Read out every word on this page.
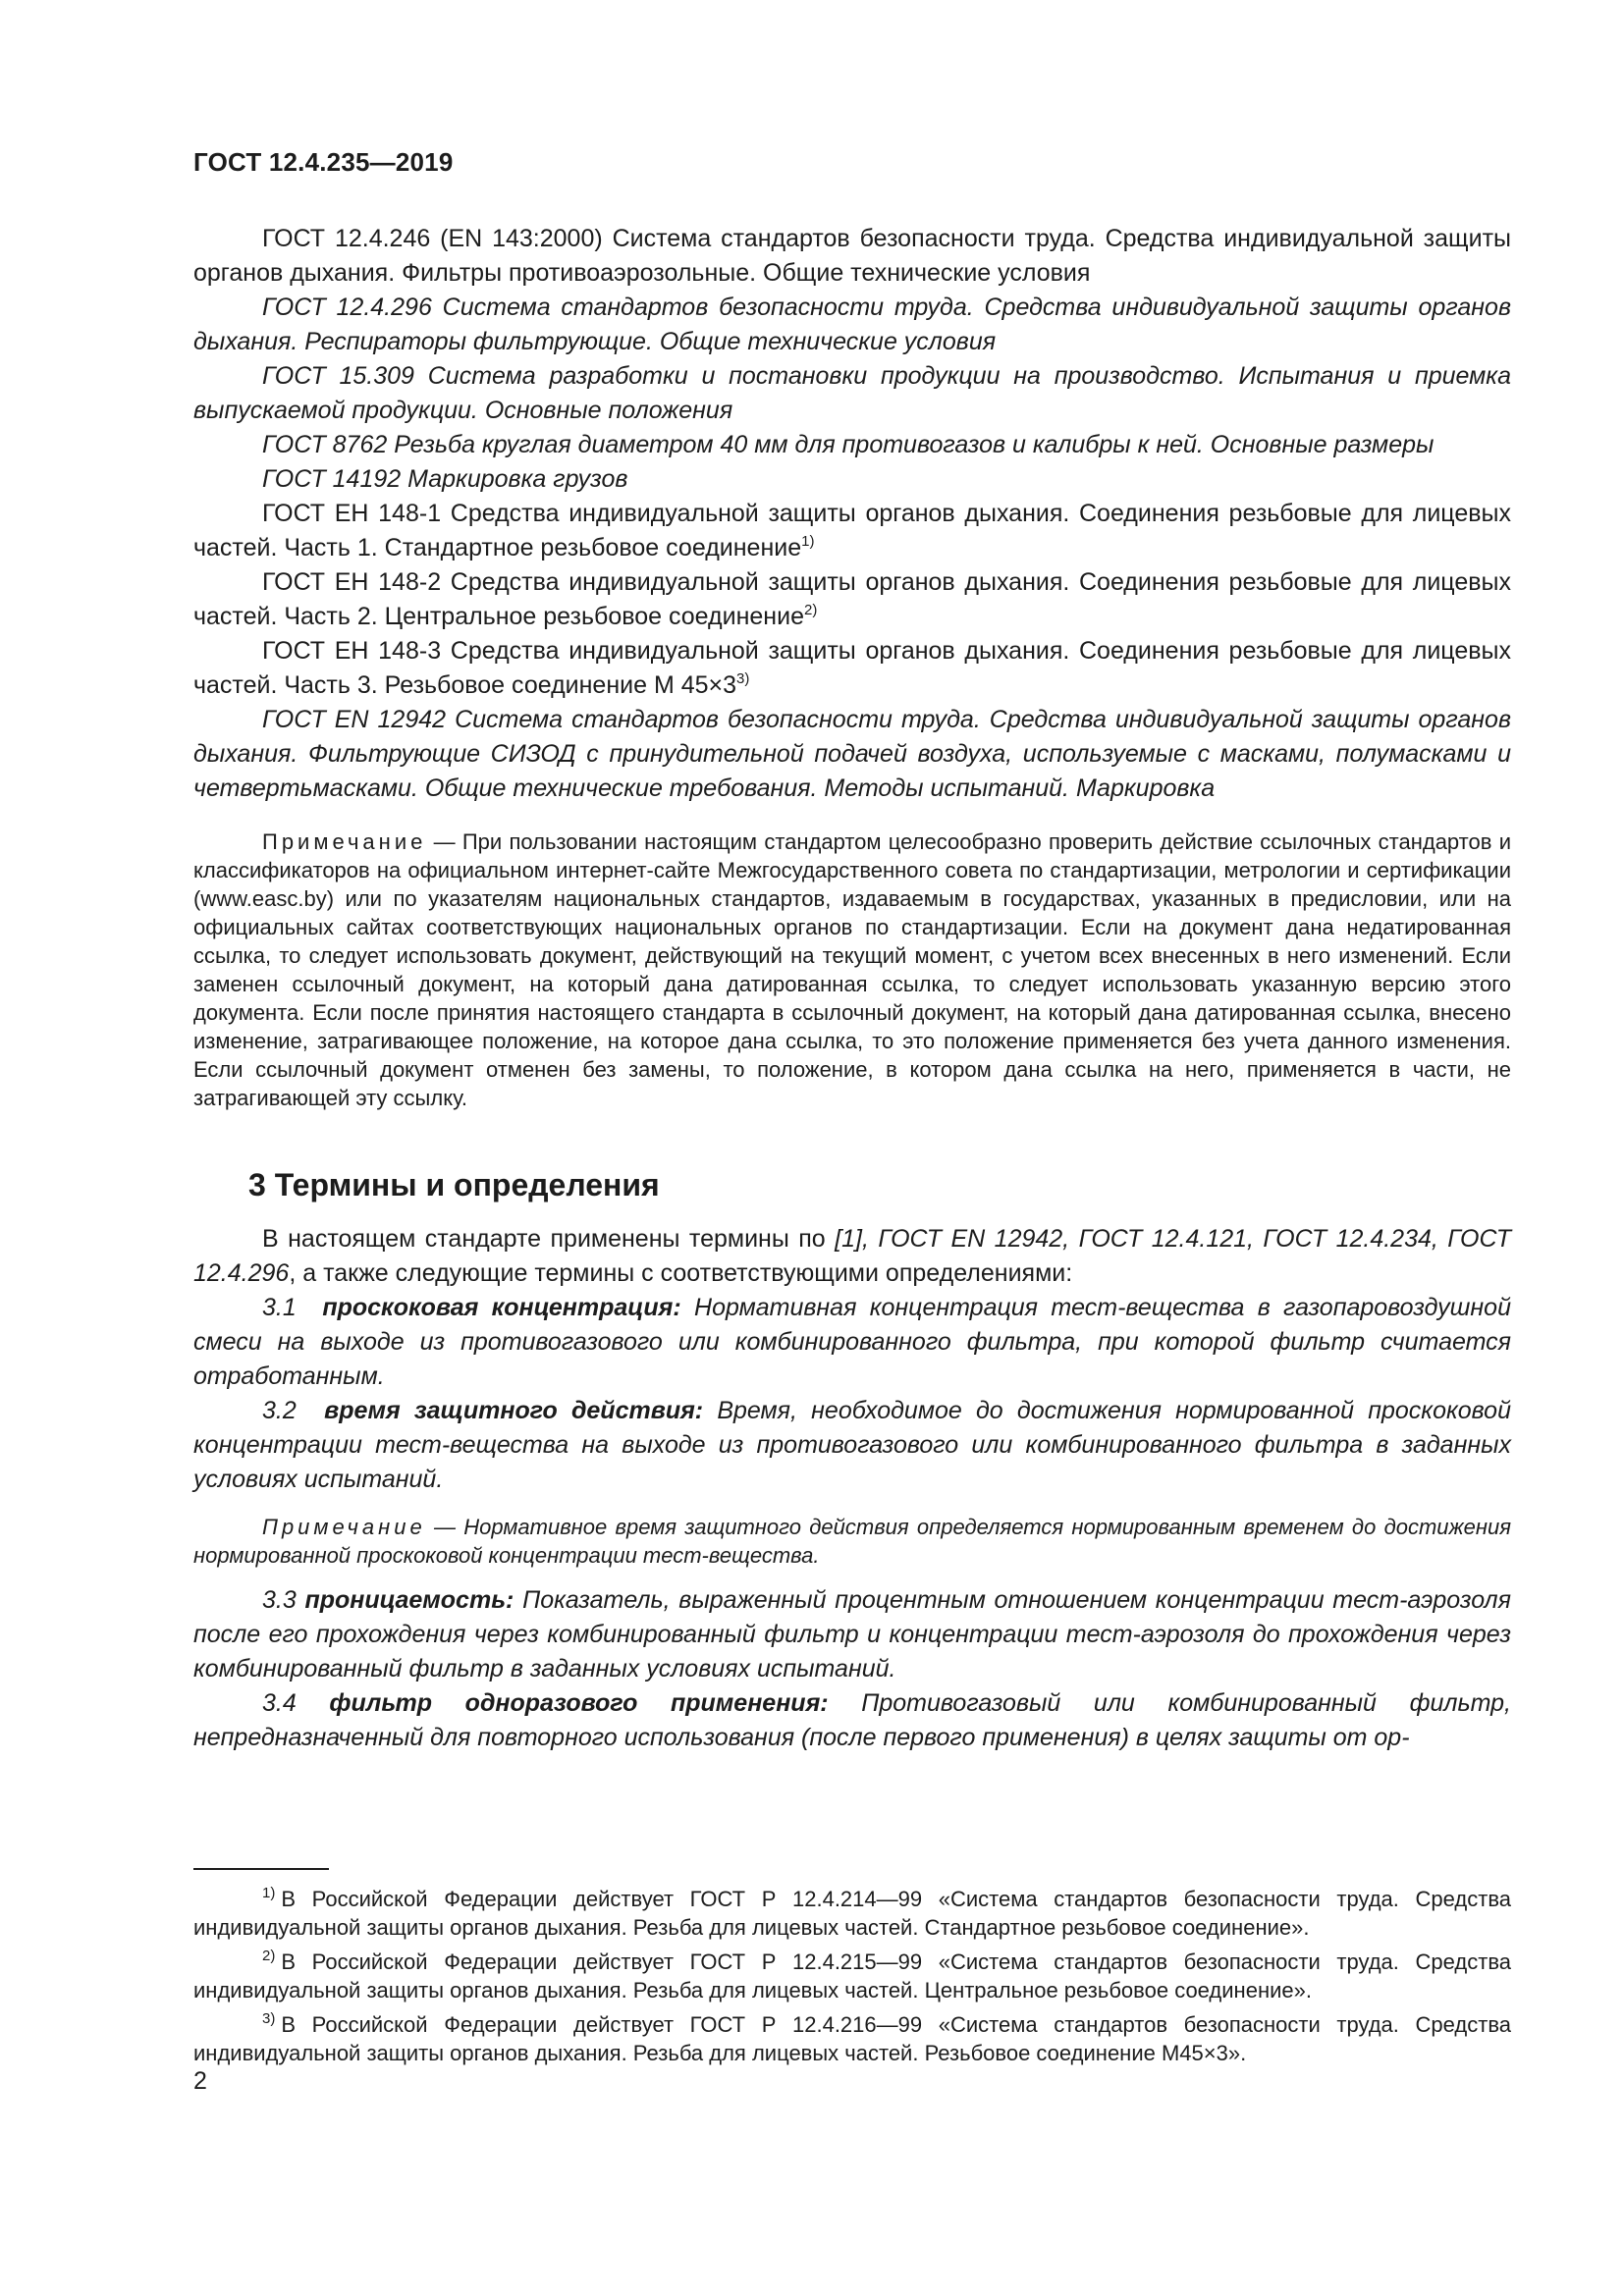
ГОСТ 12.4.235—2019

ГОСТ 12.4.246 (EN 143:2000) Система стандартов безопасности труда. Средства индивидуальной защиты органов дыхания. Фильтры противоаэрозольные. Общие технические условия

ГОСТ 12.4.296 Система стандартов безопасности труда. Средства индивидуальной защиты органов дыхания. Респираторы фильтрующие. Общие технические условия

ГОСТ 15.309 Система разработки и постановки продукции на производство. Испытания и приемка выпускаемой продукции. Основные положения

ГОСТ 8762 Резьба круглая диаметром 40 мм для противогазов и калибры к ней. Основные размеры

ГОСТ 14192 Маркировка грузов

ГОСТ ЕН 148-1 Средства индивидуальной защиты органов дыхания. Соединения резьбовые для лицевых частей. Часть 1. Стандартное резьбовое соединение$^{1)}$

ГОСТ ЕН 148-2 Средства индивидуальной защиты органов дыхания. Соединения резьбовые для лицевых частей. Часть 2. Центральное резьбовое соединение$^{2)}$

ГОСТ ЕН 148-3 Средства индивидуальной защиты органов дыхания. Соединения резьбовые для лицевых частей. Часть 3. Резьбовое соединение М $45\times 3^{3)}$

ГОСТ EN 12942 Система стандартов безопасности труда. Средства индивидуальной защиты органов дыхания. Фильтрующие СИЗОД с принудительной подачей воздуха, используемые с масками, полумасками и четвертьмасками. Общие технические требования. Методы испытаний. Маркировка

Примечание — При пользовании настоящим стандартом целесообразно проверить действие ссылочных стандартов и классификаторов на официальном интернет-сайте Межгосударственного совета по стандартизации, метрологии и сертификации (www.easc.by) или по указателям национальных стандартов, издаваемым в государствах, указанных в предисловии, или на официальных сайтах соответствующих национальных органов по стандартизации. Если на документ дана недатированная ссылка, то следует использовать документ, действующий на текущий момент, с учетом всех внесенных в него изменений. Если заменен ссылочный документ, на который дана датированная ссылка, то следует использовать указанную версию этого документа. Если после принятия настоящего стандарта в ссылочный документ, на который дана датированная ссылка, внесено изменение, затрагивающее положение, на которое дана ссылка, то это положение применяется без учета данного изменения. Если ссылочный документ отменен без замены, то положение, в котором дана ссылка на него, применяется в части, не затрагивающей эту ссылку.

3 Термины и определения

В настоящем стандарте применены термины по [1], ГОСТ EN 12942, ГОСТ 12.4.121, ГОСТ 12.4.234, ГОСТ 12.4.296, а также следующие термины с соответствующими определениями:

3.1 проскоковая концентрация: Нормативная концентрация тест-вещества в газопаровоздушной смеси на выходе из противогазового или комбинированного фильтра, при которой фильтр считается отработанным.

3.2 время защитного действия: Время, необходимое до достижения нормированной проскоковой концентрации тест-вещества на выходе из противогазового или комбинированного фильтра в заданных условиях испытаний.

Примечание — Нормативное время защитного действия определяется нормированным временем до достижения нормированной проскоковой концентрации тест-вещества.

3.3 проницаемость: Показатель, выраженный процентным отношением концентрации тест-аэрозоля после его прохождения через комбинированный фильтр и концентрации тест-аэрозоля до прохождения через комбинированный фильтр в заданных условиях испытаний.

3.4 фильтр одноразового применения: Противогазовый или комбинированный фильтр, непредназначенный для повторного использования (после первого применения) в целях защиты от ор-

$^{1)}$ В Российской Федерации действует ГОСТ Р 12.4.214—99 «Система стандартов безопасности труда. Средства индивидуальной защиты органов дыхания. Резьба для лицевых частей. Стандартное резьбовое соединение».

$^{2)}$ В Российской Федерации действует ГОСТ Р 12.4.215—99 «Система стандартов безопасности труда. Средства индивидуальной защиты органов дыхания. Резьба для лицевых частей. Центральное резьбовое соединение».

$^{3)}$ В Российской Федерации действует ГОСТ Р 12.4.216—99 «Система стандартов безопасности труда. Средства индивидуальной защиты органов дыхания. Резьба для лицевых частей. Резьбовое соединение М45×3».

2
